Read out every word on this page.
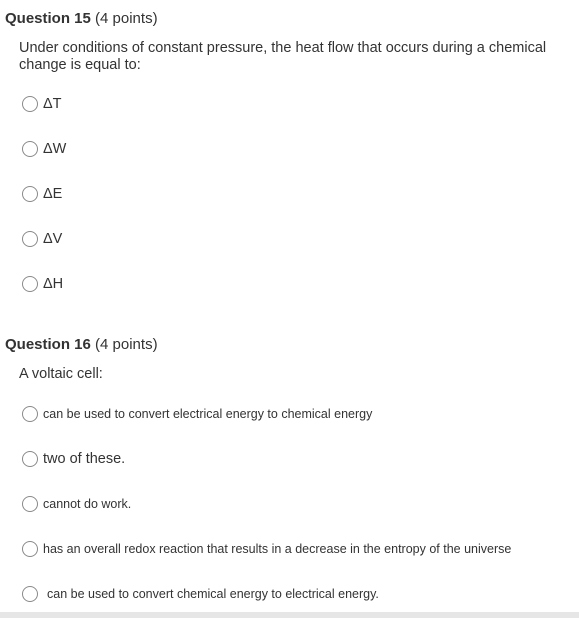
Question 15 (4 points)
Under conditions of constant pressure, the heat flow that occurs during a chemical change is equal to:
ΔT
ΔW
ΔE
ΔV
ΔH
Question 16 (4 points)
A voltaic cell:
can be used to convert electrical energy to chemical energy
two of these.
cannot do work.
has an overall redox reaction that results in a decrease in the entropy of the universe
can be used to convert chemical energy to electrical energy.
